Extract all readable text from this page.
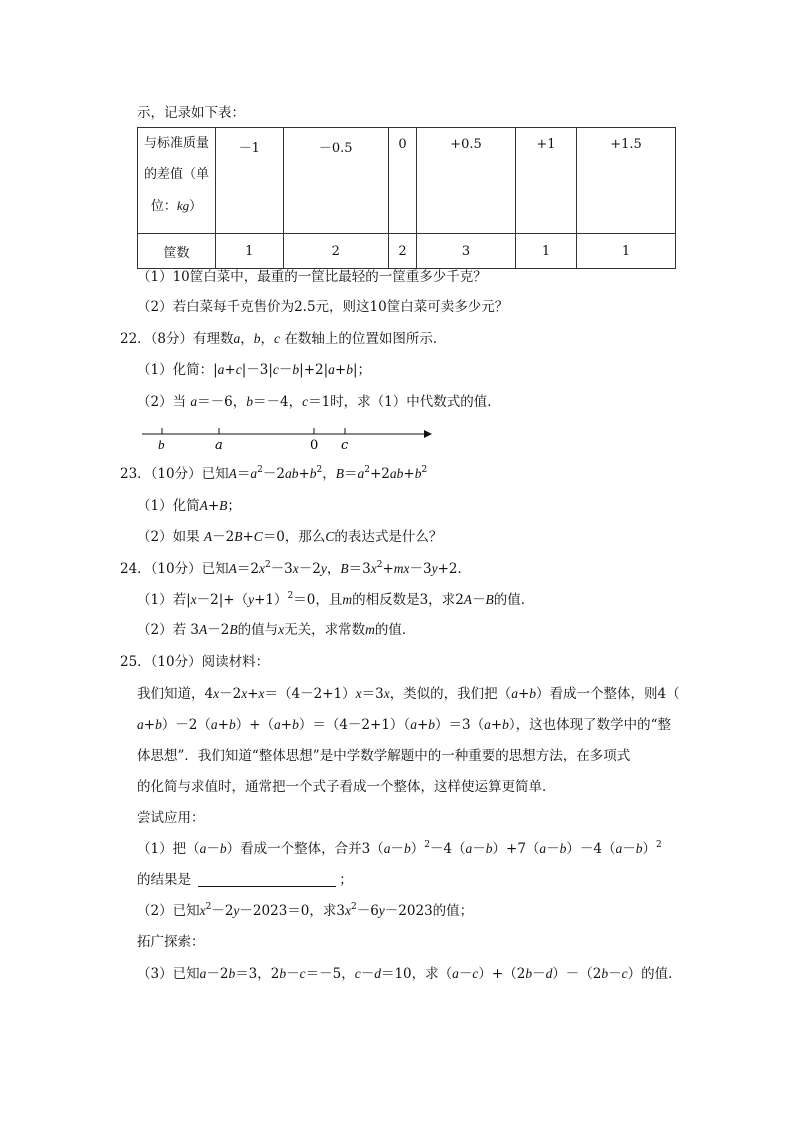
示，记录如下表：
与标准质量
的差值（单
位：kg）	－1	－0.5	0	+0.5	+1	+1.5
筐数	1	2	2	3	1	1
（1）10筐白菜中，最重的一筐比最轻的一筐重多少千克？
（2）若白菜每千克售价为2.5元，则这10筐白菜可卖多少元？
22．（8分）有理数a，b，c 在数轴上的位置如图所示．
（1）化简：|a+c|－3|c－b|+2|a+b|；
（2）当 a＝－6，b＝－4，c＝1时，求（1）中代数式的值．
b	a	0 c
23．（10分）已知$A=a^2-2ab+b^2$，$B=a^2+2ab+b^2$
（1）化简A+B；
（2）如果 A－2B+C＝0，那么C的表达式是什么？
24．（10分）已知$A=2x^2-3x-2y$，$B=3x^2+mx-3y+2$．
（1）若$|x-2|+(y+1)^2=0$，且m的相反数是3，求2A－B的值．
（2）若 3A－2B的值与x无关，求常数m的值．
25．（10分）阅读材料：
我们知道，4x－2x+x＝（4－2+1）x＝3x，类似的，我们把（a+b）看成一个整体，则4（
a+b）－2（a+b）+（a+b）＝（4－2+1）（a+b）＝3（a+b），这也体现了数学中的“整
体思想”．我们知道“整体思想”是中学数学解题中的一种重要的思想方法，在多项式
的化简与求值时，通常把一个式子看成一个整体，这样使运算更简单．
尝试应用：
（1）把（a－b）看成一个整体，合并$3(a-b)^2-4(a-b)+7(a-b)-4(a-b)^2$
的结果是	；
（2）已知$x^2-2y-2023=0$，求$3x^2-6y-2023$的值；
拓广探索：
（3）已知a－2b＝3，2b－c＝－5，c－d＝10，求（a－c）+（2b－d）－（2b－c）的值．
